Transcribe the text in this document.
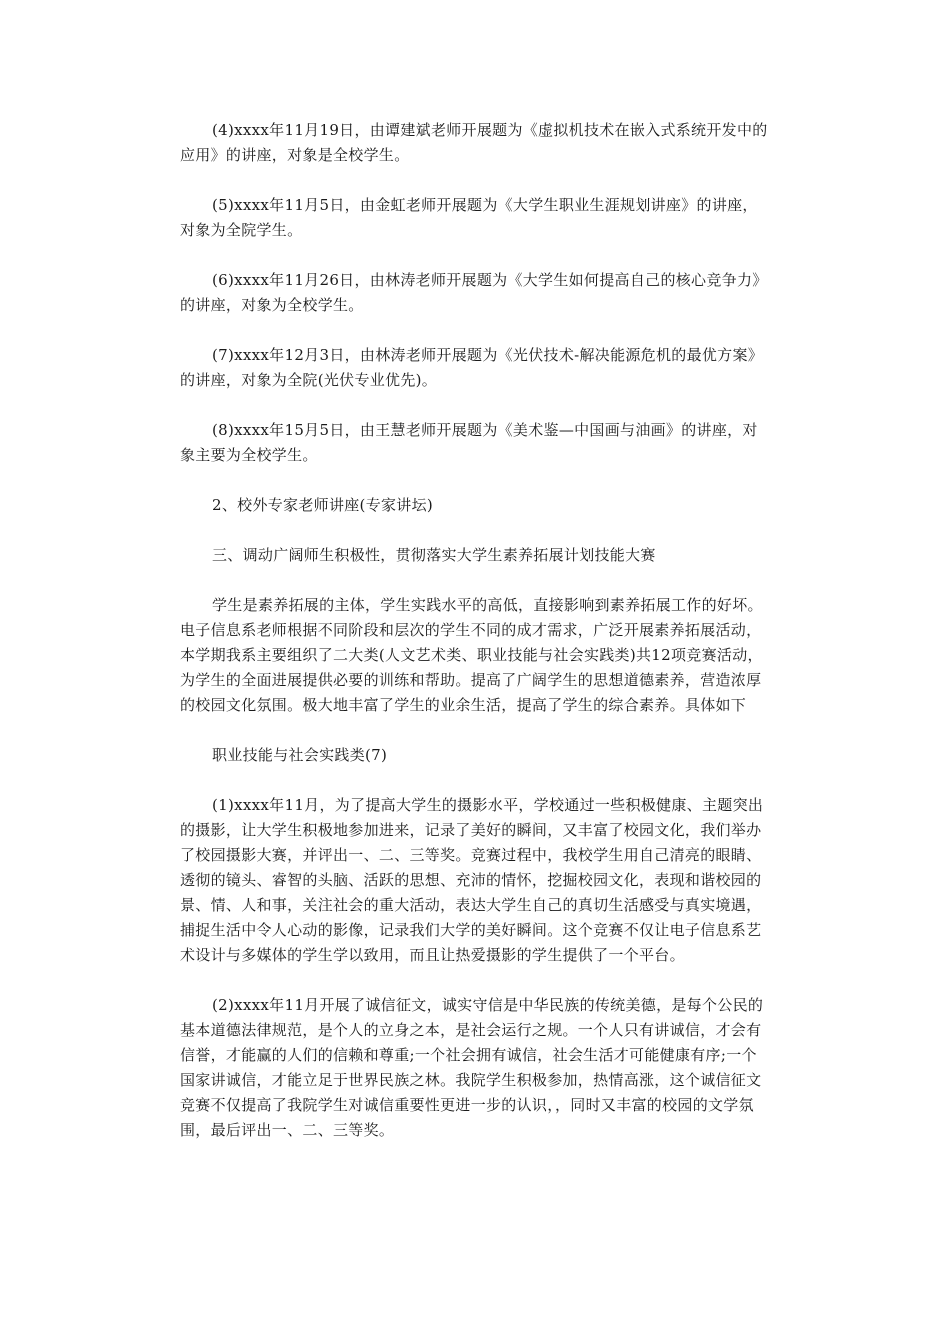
(4)xxxx年11月19日，由谭建斌老师开展题为《虚拟机技术在嵌入式系统开发中的应用》的讲座，对象是全校学生。

(5)xxxx年11月5日，由金虹老师开展题为《大学生职业生涯规划讲座》的讲座，对象为全院学生。

(6)xxxx年11月26日，由林涛老师开展题为《大学生如何提高自己的核心竞争力》的讲座，对象为全校学生。

(7)xxxx年12月3日，由林涛老师开展题为《光伏技术-解决能源危机的最优方案》的讲座，对象为全院(光伏专业优先)。

(8)xxxx年15月5日，由王慧老师开展题为《美术鉴—中国画与油画》的讲座，对象主要为全校学生。

2、校外专家老师讲座(专家讲坛)

三、调动广阔师生积极性，贯彻落实大学生素养拓展计划技能大赛

学生是素养拓展的主体，学生实践水平的高低，直接影响到素养拓展工作的好坏。电子信息系老师根据不同阶段和层次的学生不同的成才需求，广泛开展素养拓展活动，本学期我系主要组织了二大类(人文艺术类、职业技能与社会实践类)共12项竞赛活动，为学生的全面进展提供必要的训练和帮助。提高了广阔学生的思想道德素养，营造浓厚的校园文化氛围。极大地丰富了学生的业余生活，提高了学生的综合素养。具体如下

职业技能与社会实践类(7)

(1)xxxx年11月，为了提高大学生的摄影水平，学校通过一些积极健康、主题突出的摄影，让大学生积极地参加进来，记录了美好的瞬间，又丰富了校园文化，我们举办了校园摄影大赛，并评出一、二、三等奖。竞赛过程中，我校学生用自己清亮的眼睛、透彻的镜头、睿智的头脑、活跃的思想、充沛的情怀，挖掘校园文化，表现和谐校园的景、情、人和事，关注社会的重大活动，表达大学生自己的真切生活感受与真实境遇，捕捉生活中令人心动的影像，记录我们大学的美好瞬间。这个竞赛不仅让电子信息系艺术设计与多媒体的学生学以致用，而且让热爱摄影的学生提供了一个平台。

(2)xxxx年11月开展了诚信征文，诚实守信是中华民族的传统美德，是每个公民的基本道德法律规范，是个人的立身之本，是社会运行之规。一个人只有讲诚信，才会有信誉，才能赢的人们的信赖和尊重;一个社会拥有诚信，社会生活才可能健康有序;一个国家讲诚信，才能立足于世界民族之林。我院学生积极参加，热情高涨，这个诚信征文竞赛不仅提高了我院学生对诚信重要性更进一步的认识，，同时又丰富的校园的文学氛围，最后评出一、二、三等奖。
